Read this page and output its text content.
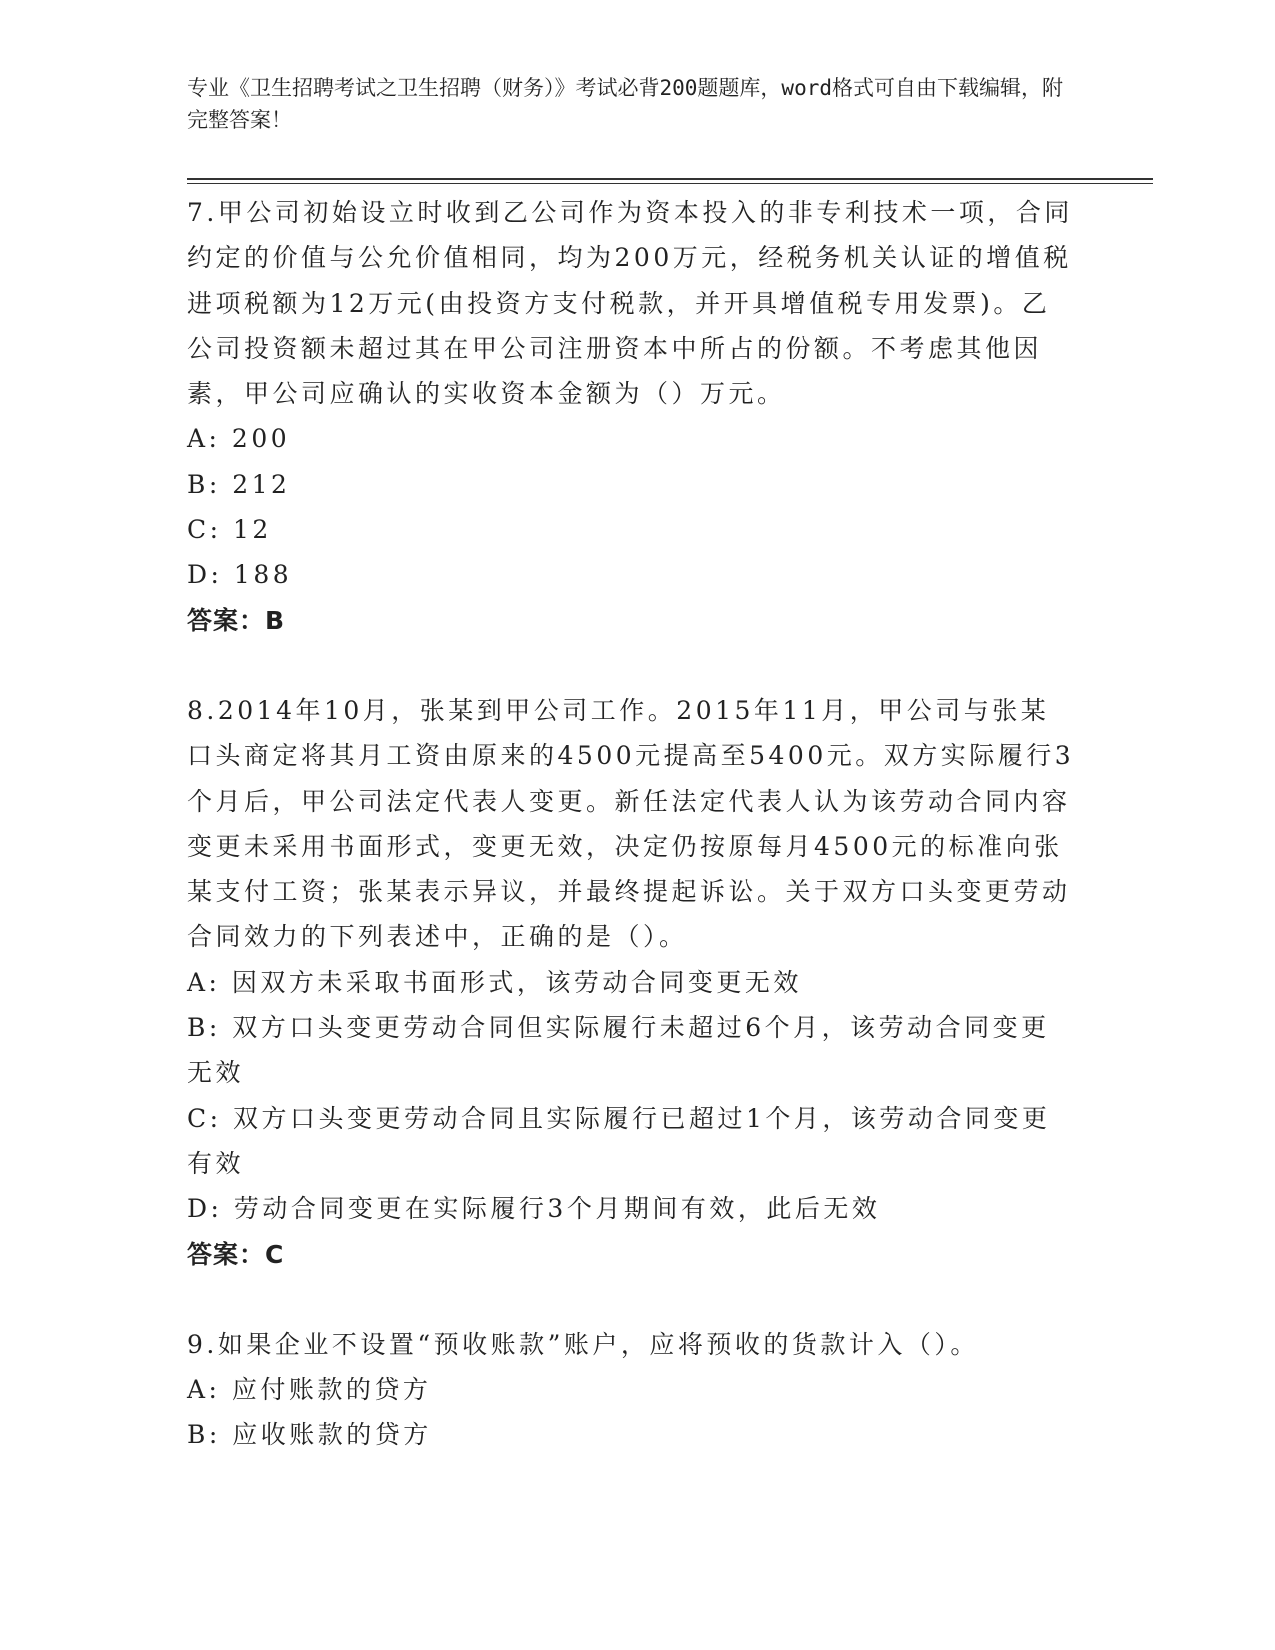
专业《卫生招聘考试之卫生招聘（财务）》考试必背200题题库，word格式可自由下载编辑，附完整答案！
7.甲公司初始设立时收到乙公司作为资本投入的非专利技术一项，合同约定的价值与公允价值相同，均为200万元，经税务机关认证的增值税进项税额为12万元(由投资方支付税款，并开具增值税专用发票)。乙公司投资额未超过其在甲公司注册资本中所占的份额。不考虑其他因素，甲公司应确认的实收资本金额为（）万元。
A: 200
B: 212
C: 12
D: 188
答案：B
8.2014年10月，张某到甲公司工作。2015年11月，甲公司与张某口头商定将其月工资由原来的4500元提高至5400元。双方实际履行3个月后，甲公司法定代表人变更。新任法定代表人认为该劳动合同内容变更未采用书面形式，变更无效，决定仍按原每月4500元的标准向张某支付工资；张某表示异议，并最终提起诉讼。关于双方口头变更劳动合同效力的下列表述中，正确的是（）。
A: 因双方未采取书面形式，该劳动合同变更无效
B: 双方口头变更劳动合同但实际履行未超过6个月，该劳动合同变更无效
C: 双方口头变更劳动合同且实际履行已超过1个月，该劳动合同变更有效
D: 劳动合同变更在实际履行3个月期间有效，此后无效
答案：C
9.如果企业不设置“预收账款”账户，应将预收的货款计入（）。
A: 应付账款的贷方
B: 应收账款的贷方
